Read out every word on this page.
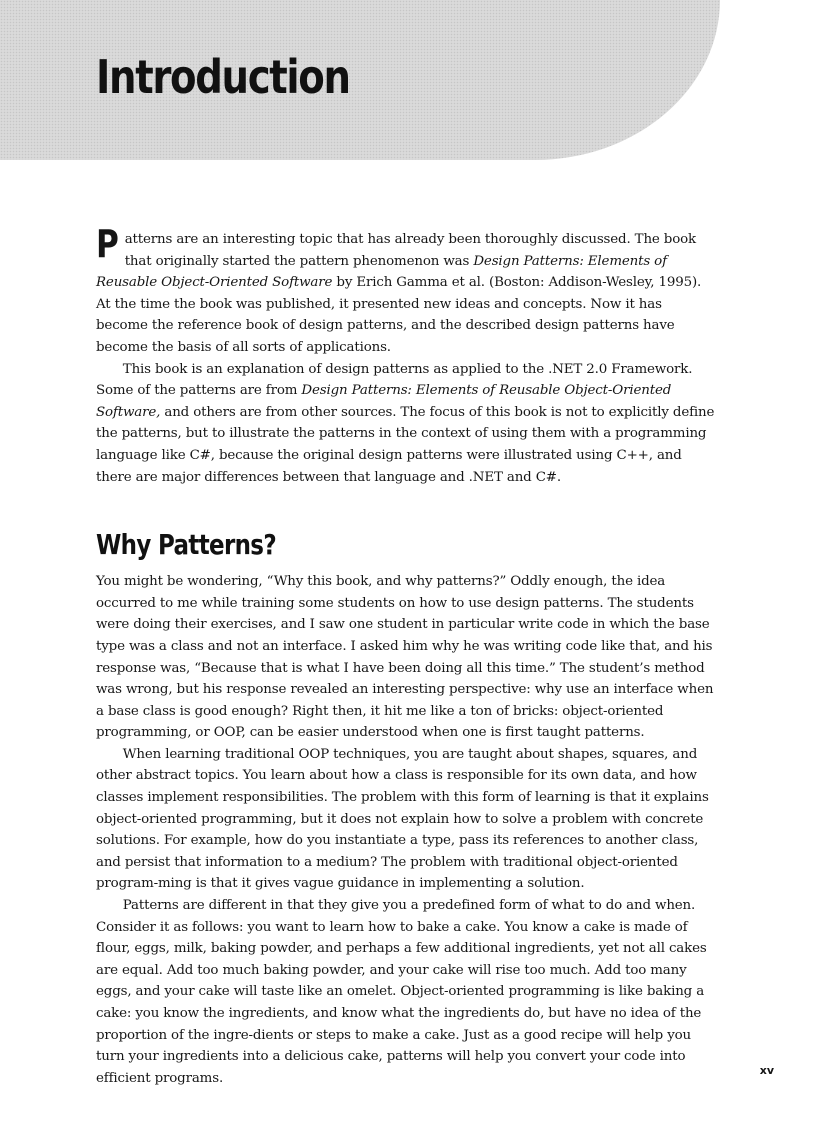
Introduction

Patterns are an interesting topic that has already been thoroughly discussed. The book that originally started the pattern phenomenon was Design Patterns: Elements of Reusable Object-Oriented Software by Erich Gamma et al. (Boston: Addison-Wesley, 1995). At the time the book was published, it presented new ideas and concepts. Now it has become the reference book of design patterns, and the described design patterns have become the basis of all sorts of applications.

This book is an explanation of design patterns as applied to the .NET 2.0 Framework. Some of the patterns are from Design Patterns: Elements of Reusable Object-Oriented Software, and others are from other sources. The focus of this book is not to explicitly define the patterns, but to illustrate the patterns in the context of using them with a programming language like C#, because the original design patterns were illustrated using C++, and there are major differences between that language and .NET and C#.

Why Patterns?

You might be wondering, “Why this book, and why patterns?” Oddly enough, the idea occurred to me while training some students on how to use design patterns. The students were doing their exercises, and I saw one student in particular write code in which the base type was a class and not an interface. I asked him why he was writing code like that, and his response was, “Because that is what I have been doing all this time.” The student’s method was wrong, but his response revealed an interesting perspective: why use an interface when a base class is good enough? Right then, it hit me like a ton of bricks: object-oriented programming, or OOP, can be easier understood when one is first taught patterns.

When learning traditional OOP techniques, you are taught about shapes, squares, and other abstract topics. You learn about how a class is responsible for its own data, and how classes implement responsibilities. The problem with this form of learning is that it explains object-oriented programming, but it does not explain how to solve a problem with concrete solutions. For example, how do you instantiate a type, pass its references to another class, and persist that information to a medium? The problem with traditional object-oriented program-ming is that it gives vague guidance in implementing a solution.

Patterns are different in that they give you a predefined form of what to do and when. Consider it as follows: you want to learn how to bake a cake. You know a cake is made of flour, eggs, milk, baking powder, and perhaps a few additional ingredients, yet not all cakes are equal. Add too much baking powder, and your cake will rise too much. Add too many eggs, and your cake will taste like an omelet. Object-oriented programming is like baking a cake: you know the ingredients, and know what the ingredients do, but have no idea of the proportion of the ingre-dients or steps to make a cake. Just as a good recipe will help you turn your ingredients into a delicious cake, patterns will help you convert your code into efficient programs.

xv
